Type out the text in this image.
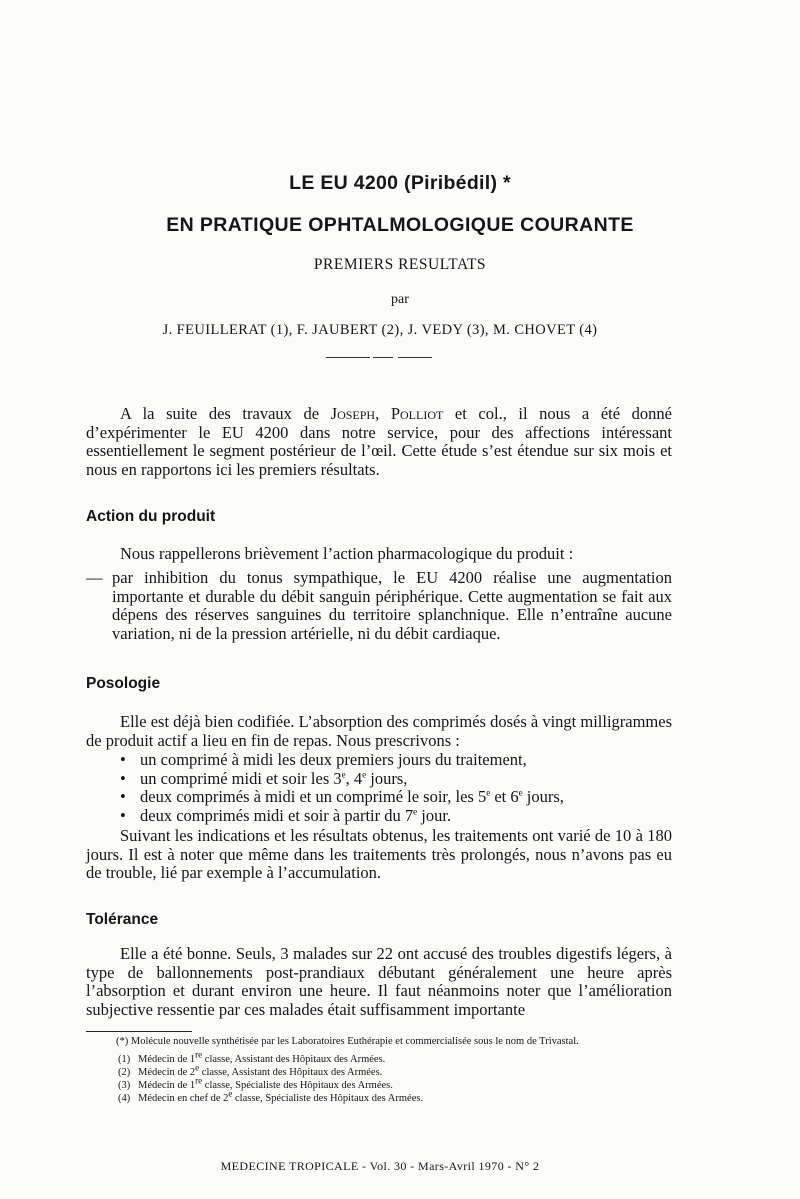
LE EU 4200 (Piribédil) *
EN PRATIQUE OPHTALMOLOGIQUE COURANTE
PREMIERS RESULTATS
par
J. FEUILLERAT (1), F. JAUBERT (2), J. VEDY (3), M. CHOVET (4)
A la suite des travaux de Joseph, Polliot et col., il nous a été donné d’expérimenter le EU 4200 dans notre service, pour des affections intéressant essentiellement le segment postérieur de l’œil. Cette étude s’est étendue sur six mois et nous en rapportons ici les premiers résultats.
Action du produit
Nous rappellerons brièvement l’action pharmacologique du produit :
— par inhibition du tonus sympathique, le EU 4200 réalise une augmentation importante et durable du débit sanguin périphérique. Cette augmentation se fait aux dépens des réserves sanguines du territoire splanchnique. Elle n’entraîne aucune variation, ni de la pression artérielle, ni du débit cardiaque.
Posologie
Elle est déjà bien codifiée. L’absorption des comprimés dosés à vingt milligrammes de produit actif a lieu en fin de repas. Nous prescrivons :
• un comprimé à midi les deux premiers jours du traitement,
• un comprimé midi et soir les 3e, 4e jours,
• deux comprimés à midi et un comprimé le soir, les 5e et 6e jours,
• deux comprimés midi et soir à partir du 7e jour.
Suivant les indications et les résultats obtenus, les traitements ont varié de 10 à 180 jours. Il est à noter que même dans les traitements très prolongés, nous n’avons pas eu de trouble, lié par exemple à l’accumulation.
Tolérance
Elle a été bonne. Seuls, 3 malades sur 22 ont accusé des troubles digestifs légers, à type de ballonnements post-prandiaux débutant généralement une heure après l’absorption et durant environ une heure. Il faut néanmoins noter que l’amélioration subjective ressentie par ces malades était suffisamment importante
(*) Molécule nouvelle synthétisée par les Laboratoires Euthérapie et commercialisée sous le nom de Trivastal.
(1) Médecin de 1re classe, Assistant des Hôpitaux des Armées.
(2) Médecin de 2e classe, Assistant des Hôpitaux des Armées.
(3) Médecin de 1re classe, Spécialiste des Hôpitaux des Armées.
(4) Médecin en chef de 2e classe, Spécialiste des Hôpitaux des Armées.
MEDECINE TROPICALE - Vol. 30 - Mars-Avril 1970 - N° 2
